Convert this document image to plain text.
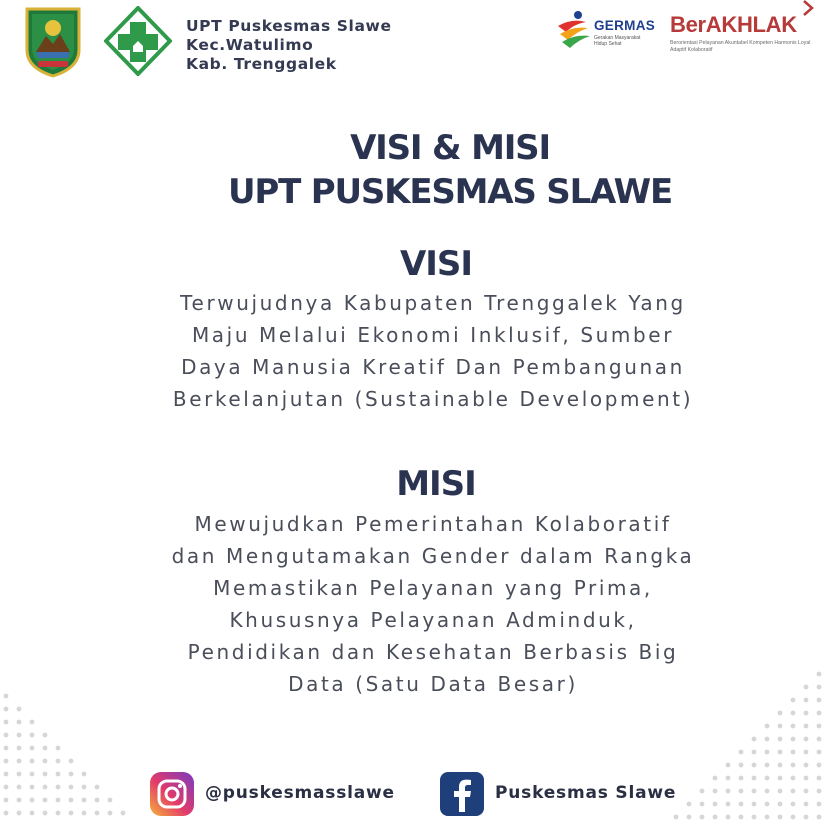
UPT Puskesmas Slawe
Kec.Watulimo
Kab. Trenggalek
GERMAS
Gerakan Masyarakat Hidup Sehat
BerAKHLAK
Berorientasi Pelayanan Akuntabel Kompeten Harmonis Loyal Adaptif Kolaboratif
VISI & MISI
UPT PUSKESMAS SLAWE
VISI
Terwujudnya Kabupaten Trenggalek Yang
Maju Melalui Ekonomi Inklusif, Sumber
Daya Manusia Kreatif Dan Pembangunan
Berkelanjutan (Sustainable Development)
MISI
Mewujudkan Pemerintahan Kolaboratif
dan Mengutamakan Gender dalam Rangka
Memastikan Pelayanan yang Prima,
Khususnya Pelayanan Adminduk,
Pendidikan dan Kesehatan Berbasis Big
Data (Satu Data Besar)
@puskesmasslawe	Puskesmas Slawe
